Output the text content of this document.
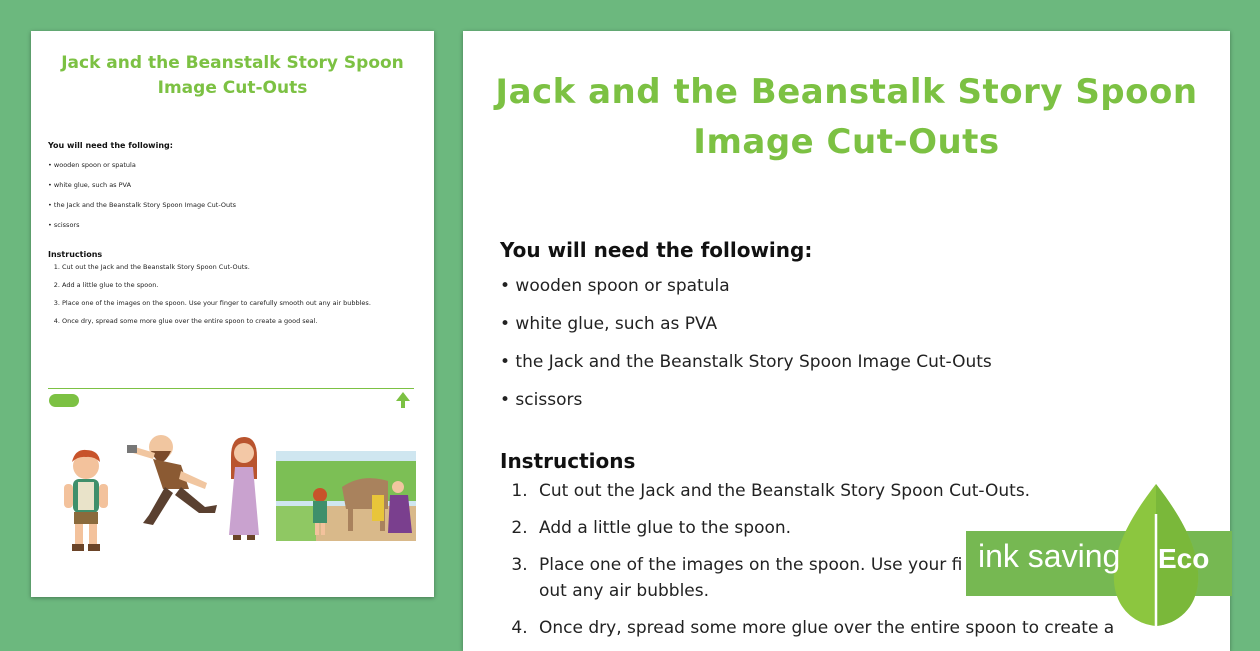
Jack and the Beanstalk Story Spoon
Image Cut-Outs
You will need the following:
• wooden spoon or spatula
• white glue, such as PVA
• the Jack and the Beanstalk Story Spoon Image Cut-Outs
• scissors
Instructions
1. Cut out the Jack and the Beanstalk Story Spoon Cut-Outs.
2. Add a little glue to the spoon.
3. Place one of the images on the spoon. Use your finger to carefully smooth out any air bubbles.
4. Once dry, spread some more glue over the entire spoon to create a good seal.
Jack and the Beanstalk Story Spoon
Image Cut-Outs
You will need the following:
• wooden spoon or spatula
• white glue, such as PVA
• the Jack and the Beanstalk Story Spoon Image Cut-Outs
• scissors
Instructions
1. Cut out the Jack and the Beanstalk Story Spoon Cut-Outs.
2. Add a little glue to the spoon.
3. Place one of the images on the spoon. Use your fi
out any air bubbles.
4. Once dry, spread some more glue over the entire spoon to create a
ink saving Eco
